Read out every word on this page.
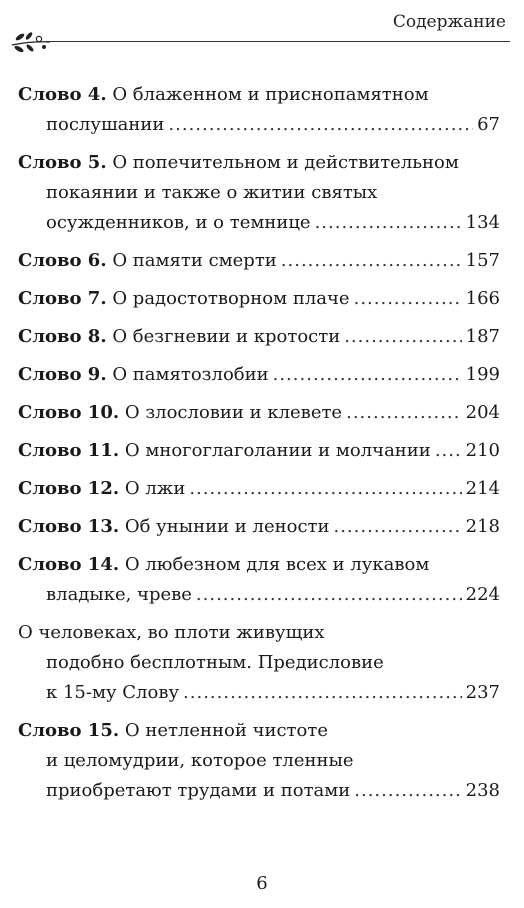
Содержание
Слово 4. О блаженном и приснопамятном
послушании .....	67
Слово 5. О попечительном и действительном
покаянии и также о житии святых
осужденников, и о темнице .....	134
Слово 6. О памяти смерти .....	157
Слово 7. О радостотворном плаче .....	166
Слово 8. О безгневии и кротости .....	187
Слово 9. О памятозлобии .....	199
Слово 10. О злословии и клевете .....	204
Слово 11. О многоглаголании и молчании ..... 210
Слово 12. О лжи .....	214
Слово 13. Об унынии и лености .....	218
Слово 14. О любезном для всех и лукавом
владыке, чреве .....	224
О человеках, во плоти живущих
подобно бесплотным. Предисловие
к 15-му Слову .....	237
Слово 15. О нетленной чистоте
и целомудрии, которое тленные
приобретают трудами и потами .....	238
6
